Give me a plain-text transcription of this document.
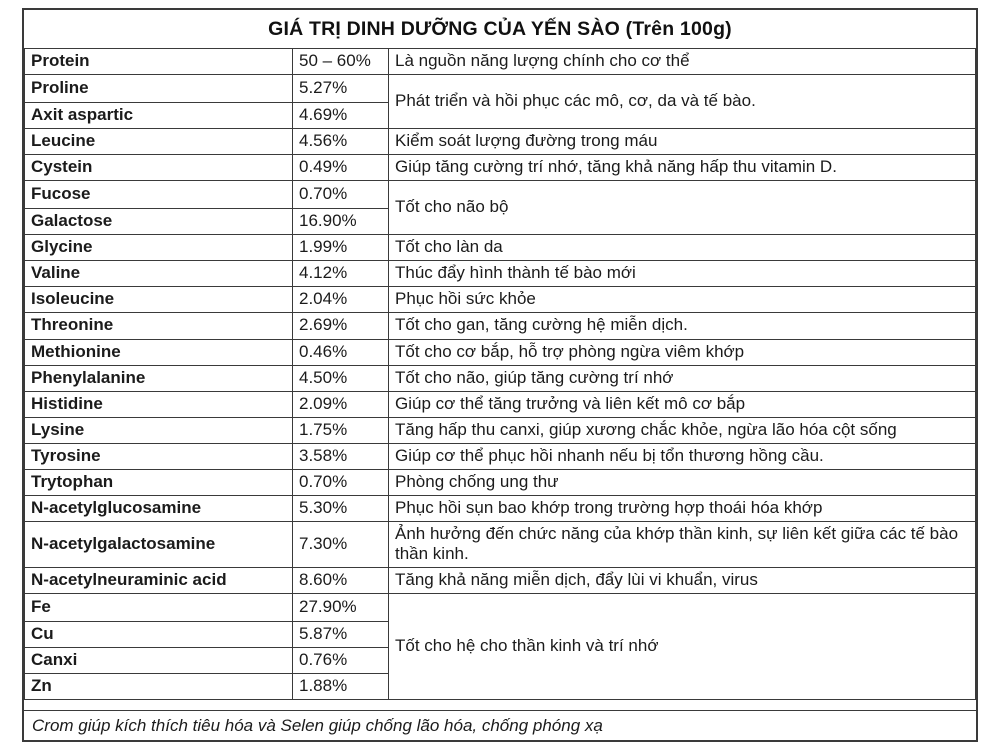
GIÁ TRỊ DINH DƯỠNG CỦA YẾN SÀO (Trên 100g)
Protein	50 – 60%	Là nguồn năng lượng chính cho cơ thể
Proline	5.27%	Phát triển và hồi phục các mô, cơ, da và tế bào.
Axit aspartic	4.69%	
Leucine	4.56%	Kiểm soát lượng đường trong máu
Cystein	0.49%	Giúp tăng cường trí nhớ, tăng khả năng hấp thu vitamin D.
Fucose	0.70%	Tốt cho não bộ
Galactose	16.90%	
Glycine	1.99%	Tốt cho làn da
Valine	4.12%	Thúc đẩy hình thành tế bào mới
Isoleucine	2.04%	Phục hồi sức khỏe
Threonine	2.69%	Tốt cho gan, tăng cường hệ miễn dịch.
Methionine	0.46%	Tốt cho cơ bắp, hỗ trợ phòng ngừa viêm khớp
Phenylalanine	4.50%	Tốt cho não, giúp tăng cường trí nhớ
Histidine	2.09%	Giúp cơ thể tăng trưởng và liên kết mô cơ bắp
Lysine	1.75%	Tăng hấp thu canxi, giúp xương chắc khỏe, ngừa lão hóa cột sống
Tyrosine	3.58%	Giúp cơ thể phục hồi nhanh nếu bị tổn thương hồng cầu.
Trytophan	0.70%	Phòng chống ung thư
N-acetylglucosamine	5.30%	Phục hồi sụn bao khớp trong trường hợp thoái hóa khớp
N-acetylgalactosamine	7.30%	Ảnh hưởng đến chức năng của khớp thần kinh, sự liên kết giữa các tế bào thần kinh.
N-acetylneuraminic acid	8.60%	Tăng khả năng miễn dịch, đẩy lùi vi khuẩn, virus
Fe	27.90%	Tốt cho hệ cho thần kinh và trí nhớ
Cu	5.87%	
Canxi	0.76%	
Zn	1.88%	
Crom giúp kích thích tiêu hóa và Selen giúp chống lão hóa, chống phóng xạ
